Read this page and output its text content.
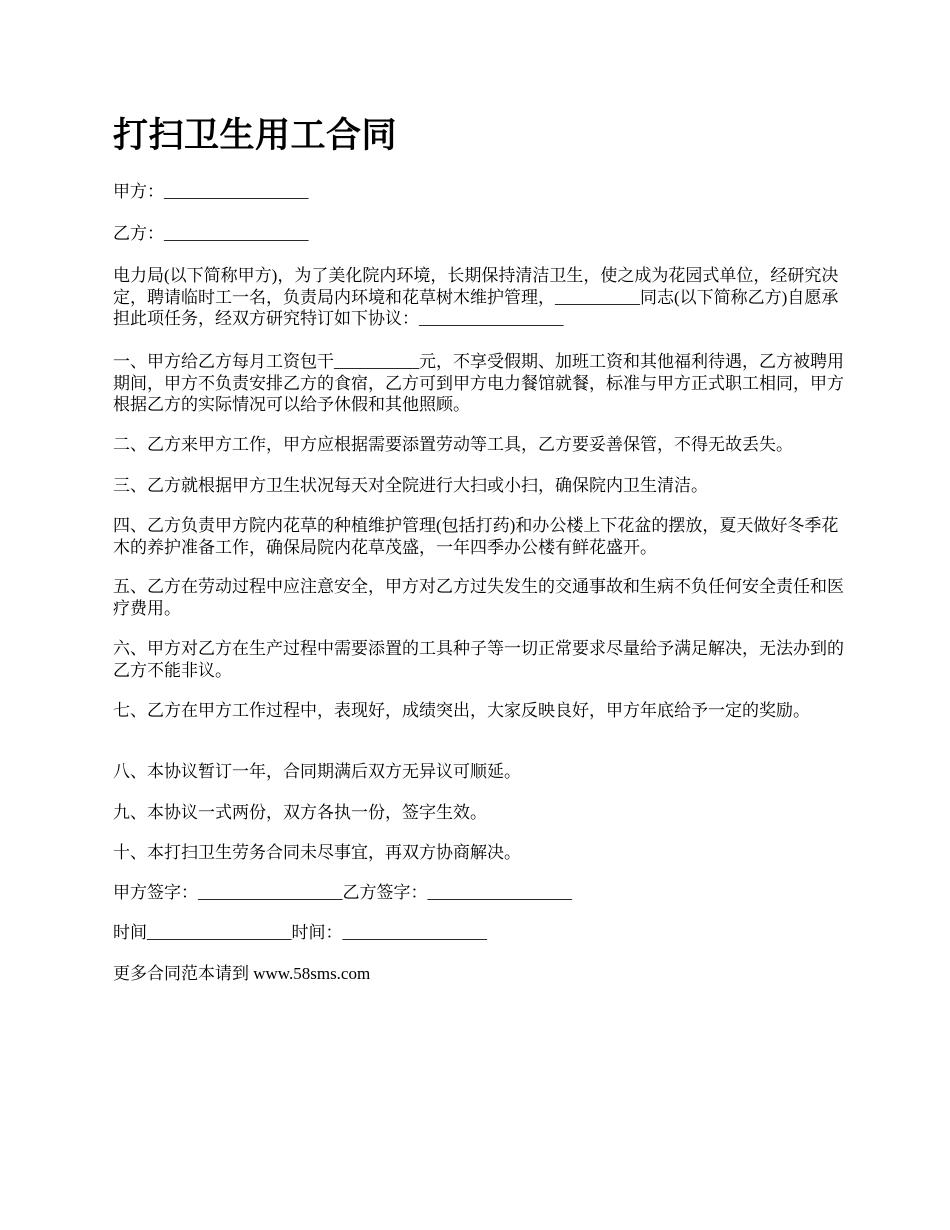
打扫卫生用工合同

甲方：_________________

乙方：_________________

电力局(以下简称甲方)，为了美化院内环境，长期保持清洁卫生，使之成为花园式单位，经研究决定，聘请临时工一名，负责局内环境和花草树木维护管理，__________同志(以下简称乙方)自愿承担此项任务，经双方研究特订如下协议：_________________

一、甲方给乙方每月工资包干__________元，不享受假期、加班工资和其他福利待遇，乙方被聘用期间，甲方不负责安排乙方的食宿，乙方可到甲方电力餐馆就餐，标准与甲方正式职工相同，甲方根据乙方的实际情况可以给予休假和其他照顾。

二、乙方来甲方工作，甲方应根据需要添置劳动等工具，乙方要妥善保管，不得无故丢失。

三、乙方就根据甲方卫生状况每天对全院进行大扫或小扫，确保院内卫生清洁。

四、乙方负责甲方院内花草的种植维护管理(包括打药)和办公楼上下花盆的摆放，夏天做好冬季花木的养护准备工作，确保局院内花草茂盛，一年四季办公楼有鲜花盛开。

五、乙方在劳动过程中应注意安全，甲方对乙方过失发生的交通事故和生病不负任何安全责任和医疗费用。

六、甲方对乙方在生产过程中需要添置的工具种子等一切正常要求尽量给予满足解决，无法办到的乙方不能非议。

七、乙方在甲方工作过程中，表现好，成绩突出，大家反映良好，甲方年底给予一定的奖励。

八、本协议暂订一年，合同期满后双方无异议可顺延。

九、本协议一式两份，双方各执一份，签字生效。

十、本打扫卫生劳务合同未尽事宜，再双方协商解决。

甲方签字：_________________乙方签字：_________________

时间_________________时间：_________________

更多合同范本请到 www.58sms.com
